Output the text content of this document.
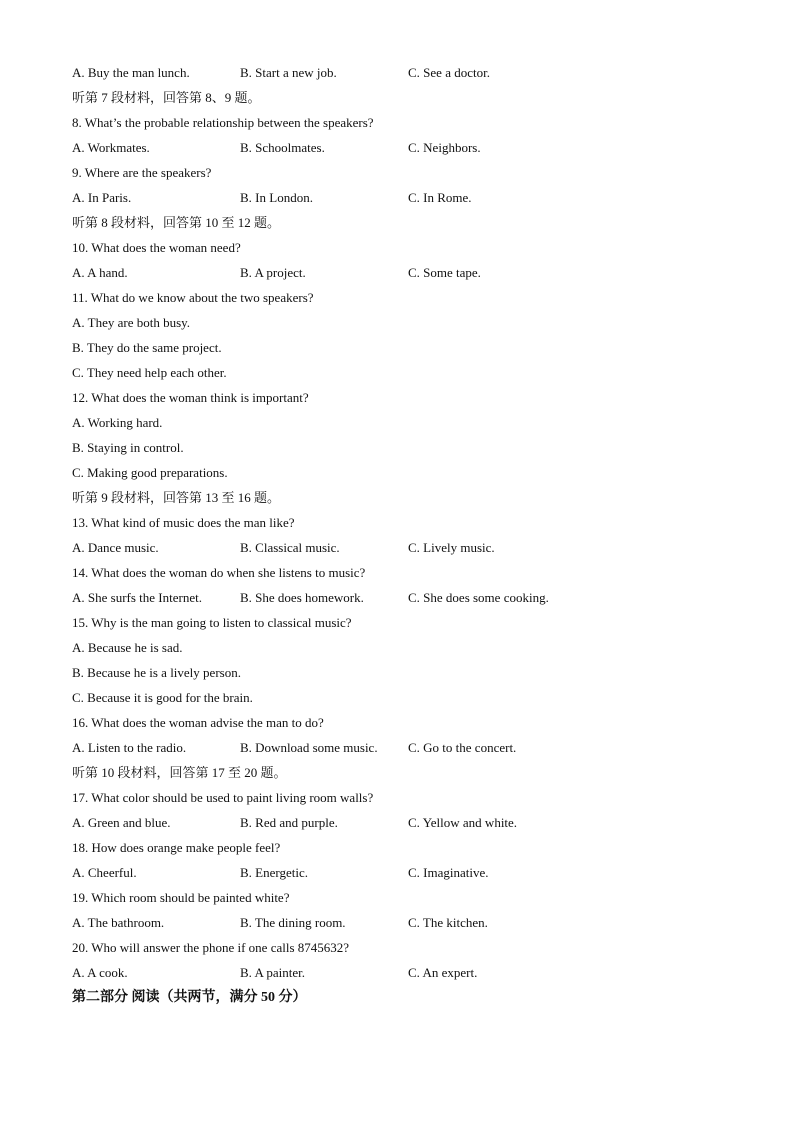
A. Buy the man lunch.	B. Start a new job.	C. See a doctor.
听第 7 段材料，回答第 8、9 题。
8. What’s the probable relationship between the speakers?
A. Workmates.	B. Schoolmates.	C. Neighbors.
9. Where are the speakers?
A. In Paris.	B. In London.	C. In Rome.
听第 8 段材料，回答第 10 至 12 题。
10. What does the woman need?
A. A hand.	B. A project.	C. Some tape.
11. What do we know about the two speakers?
A. They are both busy.
B. They do the same project.
C. They need help each other.
12. What does the woman think is important?
A. Working hard.
B. Staying in control.
C. Making good preparations.
听第 9 段材料，回答第 13 至 16 题。
13. What kind of music does the man like?
A. Dance music.	B. Classical music.	C. Lively music.
14. What does the woman do when she listens to music?
A. She surfs the Internet.	B. She does homework.	C. She does some cooking.
15. Why is the man going to listen to classical music?
A. Because he is sad.
B. Because he is a lively person.
C. Because it is good for the brain.
16. What does the woman advise the man to do?
A. Listen to the radio.	B. Download some music. C. Go to the concert.
听第 10 段材料，回答第 17 至 20 题。
17. What color should be used to paint living room walls?
A. Green and blue.	B. Red and purple.	C. Yellow and white.
18. How does orange make people feel?
A. Cheerful.	B. Energetic.	C. Imaginative.
19. Which room should be painted white?
A. The bathroom.	B. The dining room.	C. The kitchen.
20. Who will answer the phone if one calls 8745632?
A. A cook.	B. A painter.	C. An expert.
第二部分 阅读（共两节，满分 50 分）
